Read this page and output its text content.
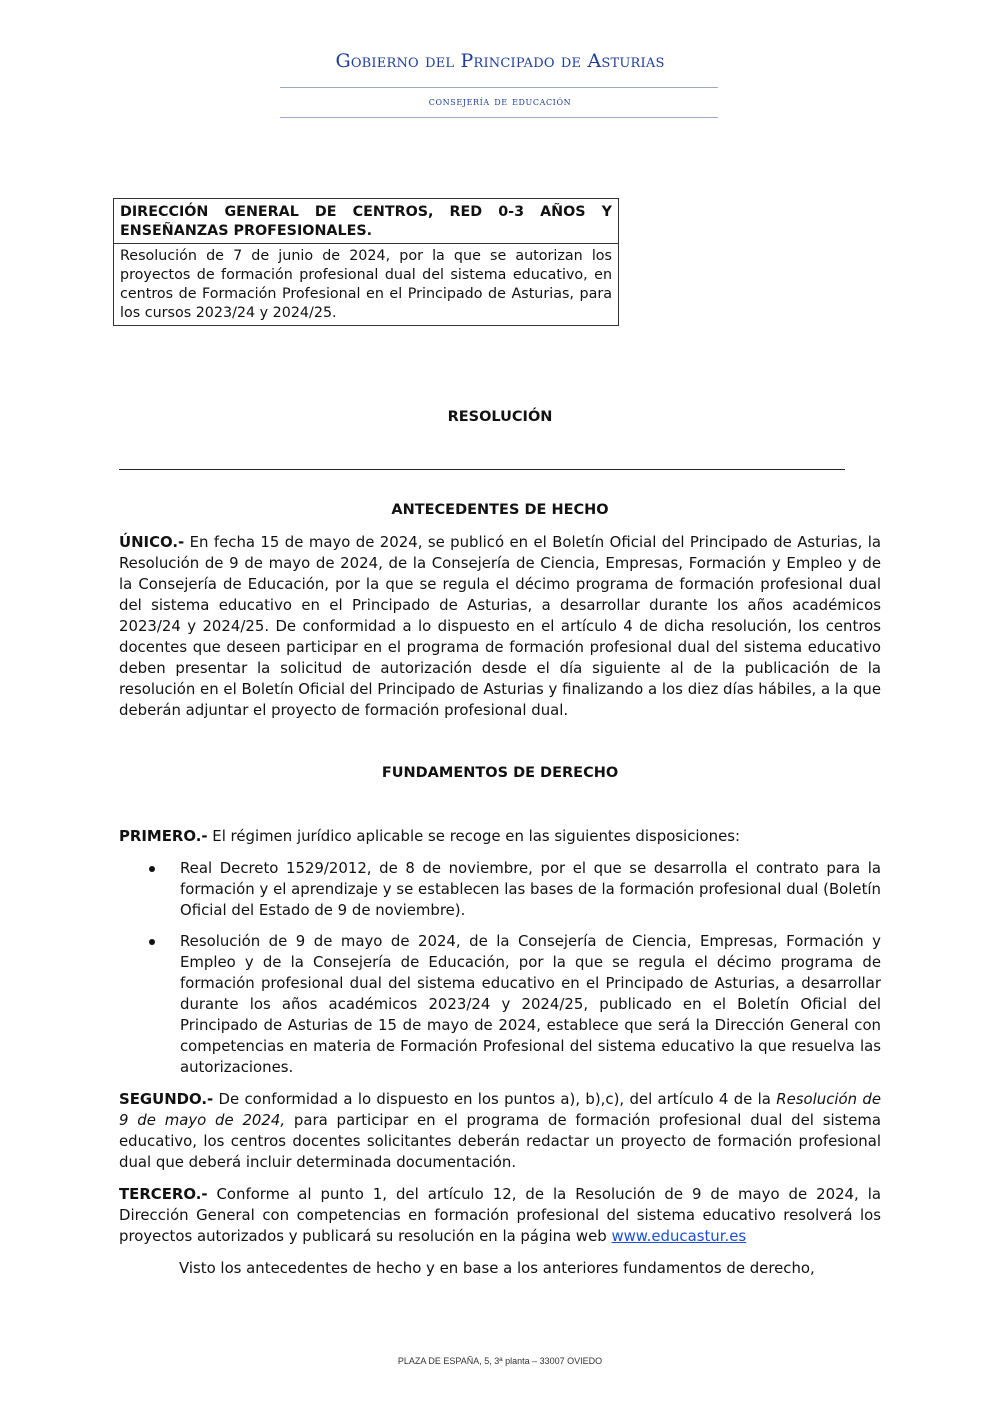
Gobierno del Principado de Asturias
consejería de educación
DIRECCIÓN GENERAL DE CENTROS, RED 0-3 AÑOS Y ENSEÑANZAS PROFESIONALES.
Resolución de 7 de junio de 2024, por la que se autorizan los proyectos de formación profesional dual del sistema educativo, en centros de Formación Profesional en el Principado de Asturias, para los cursos 2023/24 y 2024/25.
RESOLUCIÓN
ANTECEDENTES DE HECHO
ÚNICO.- En fecha 15 de mayo de 2024, se publicó en el Boletín Oficial del Principado de Asturias, la Resolución de 9 de mayo de 2024, de la Consejería de Ciencia, Empresas, Formación y Empleo y de la Consejería de Educación, por la que se regula el décimo programa de formación profesional dual del sistema educativo en el Principado de Asturias, a desarrollar durante los años académicos 2023/24 y 2024/25. De conformidad a lo dispuesto en el artículo 4 de dicha resolución, los centros docentes que deseen participar en el programa de formación profesional dual del sistema educativo deben presentar la solicitud de autorización desde el día siguiente al de la publicación de la resolución en el Boletín Oficial del Principado de Asturias y finalizando a los diez días hábiles, a la que deberán adjuntar el proyecto de formación profesional dual.
FUNDAMENTOS DE DERECHO
PRIMERO.- El régimen jurídico aplicable se recoge en las siguientes disposiciones:
Real Decreto 1529/2012, de 8 de noviembre, por el que se desarrolla el contrato para la formación y el aprendizaje y se establecen las bases de la formación profesional dual (Boletín Oficial del Estado de 9 de noviembre).
Resolución de 9 de mayo de 2024, de la Consejería de Ciencia, Empresas, Formación y Empleo y de la Consejería de Educación, por la que se regula el décimo programa de formación profesional dual del sistema educativo en el Principado de Asturias, a desarrollar durante los años académicos 2023/24 y 2024/25, publicado en el Boletín Oficial del Principado de Asturias de 15 de mayo de 2024, establece que será la Dirección General con competencias en materia de Formación Profesional del sistema educativo la que resuelva las autorizaciones.
SEGUNDO.- De conformidad a lo dispuesto en los puntos a), b),c), del artículo 4 de la Resolución de 9 de mayo de 2024, para participar en el programa de formación profesional dual del sistema educativo, los centros docentes solicitantes deberán redactar un proyecto de formación profesional dual que deberá incluir determinada documentación.
TERCERO.- Conforme al punto 1, del artículo 12, de la Resolución de 9 de mayo de 2024, la Dirección General con competencias en formación profesional del sistema educativo resolverá los proyectos autorizados y publicará su resolución en la página web www.educastur.es
Visto los antecedentes de hecho y en base a los anteriores fundamentos de derecho,
PLAZA DE ESPAÑA, 5, 3ª planta – 33007 OVIEDO
